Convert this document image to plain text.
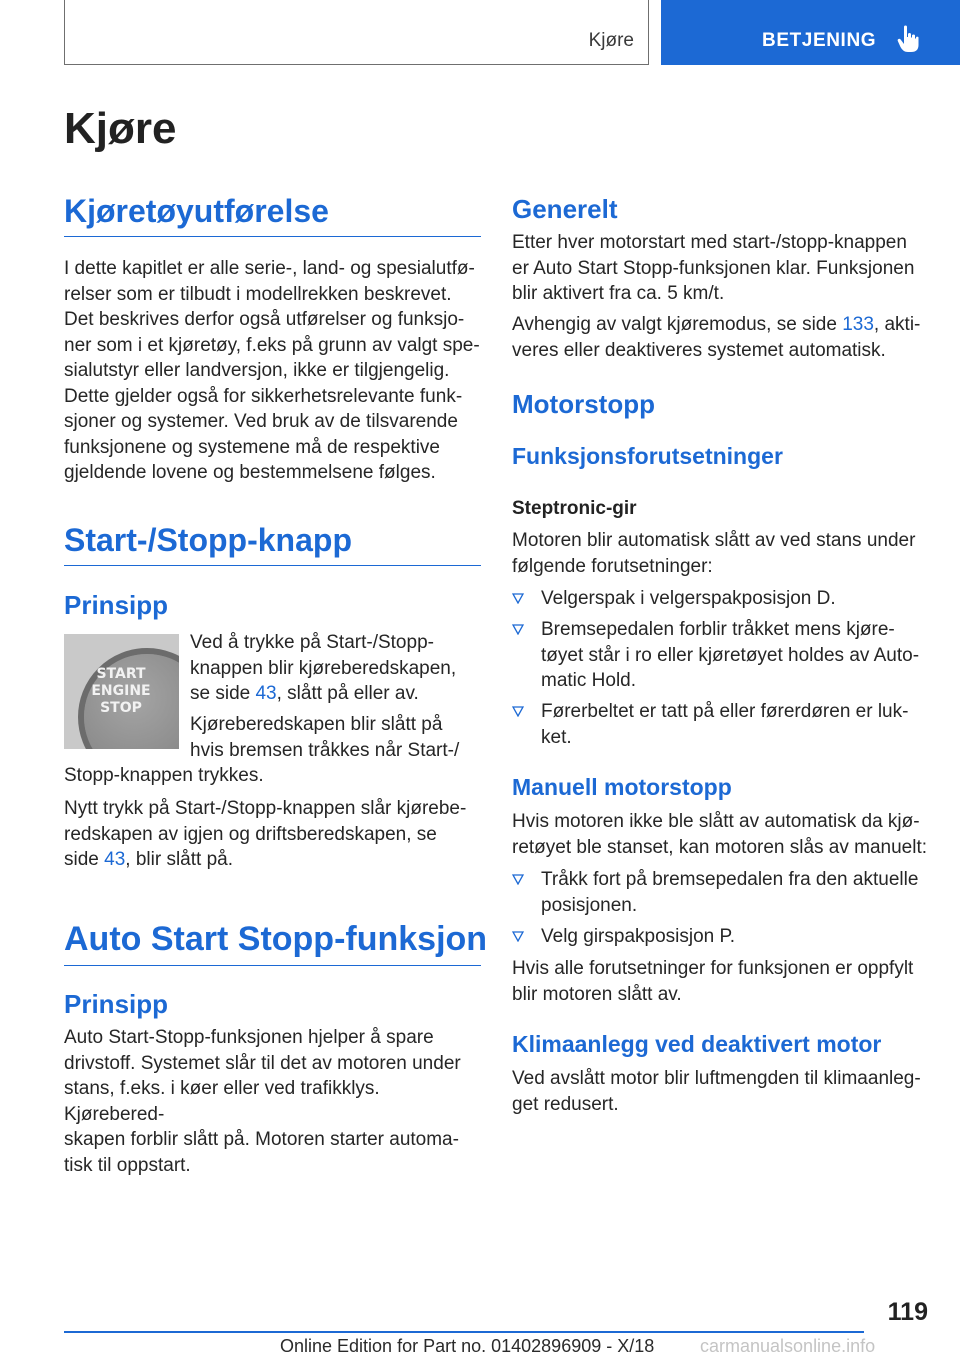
Kjøre	BETJENING
Kjøre
Kjøretøyutførelse
I dette kapitlet er alle serie-, land- og spesialutfø-
relser som er tilbudt i modellrekken beskrevet.
Det beskrives derfor også utførelser og funksjo-
ner som i et kjøretøy, f.eks på grunn av valgt spe-
sialutstyr eller landversjon, ikke er tilgjengelig.
Dette gjelder også for sikkerhetsrelevante funk-
sjoner og systemer. Ved bruk av de tilsvarende
funksjonene og systemene må de respektive
gjeldende lovene og bestemmelsene følges.
Start-/Stopp-knapp
Prinsipp
START
ENGINE
STOP
Ved å trykke på Start-/Stopp-
knappen blir kjøreberedskapen,
se side 43, slått på eller av.
Kjøreberedskapen blir slått på
hvis bremsen tråkkes når Start-/
Stopp-knappen trykkes.
Nytt trykk på Start-/Stopp-knappen slår kjørebe-
redskapen av igjen og driftsberedskapen, se
side 43, blir slått på.
Auto Start Stopp-funksjon
Prinsipp
Auto Start-Stopp-funksjonen hjelper å spare
drivstoff. Systemet slår til det av motoren under
stans, f.eks. i køer eller ved trafikklys. Kjørebered-
skapen forblir slått på. Motoren starter automa-
tisk til oppstart.
Generelt
Etter hver motorstart med start-/stopp-knappen
er Auto Start Stopp-funksjonen klar. Funksjonen
blir aktivert fra ca. 5 km/t.
Avhengig av valgt kjøremodus, se side 133, akti-
veres eller deaktiveres systemet automatisk.
Motorstopp
Funksjonsforutsetninger
Steptronic-gir
Motoren blir automatisk slått av ved stans under
følgende forutsetninger:
Velgerspak i velgerspakposisjon D.
Bremsepedalen forblir tråkket mens kjøre-
tøyet står i ro eller kjøretøyet holdes av Auto-
matic Hold.
Førerbeltet er tatt på eller førerdøren er luk-
ket.
Manuell motorstopp
Hvis motoren ikke ble slått av automatisk da kjø-
retøyet ble stanset, kan motoren slås av manuelt:
Tråkk fort på bremsepedalen fra den aktuelle
posisjonen.
Velg girspakposisjon P.
Hvis alle forutsetninger for funksjonen er oppfylt
blir motoren slått av.
Klimaanlegg ved deaktivert motor
Ved avslått motor blir luftmengden til klimaanleg-
get redusert.
119
Online Edition for Part no. 01402896909 - X/18	carmanualsonline.info
